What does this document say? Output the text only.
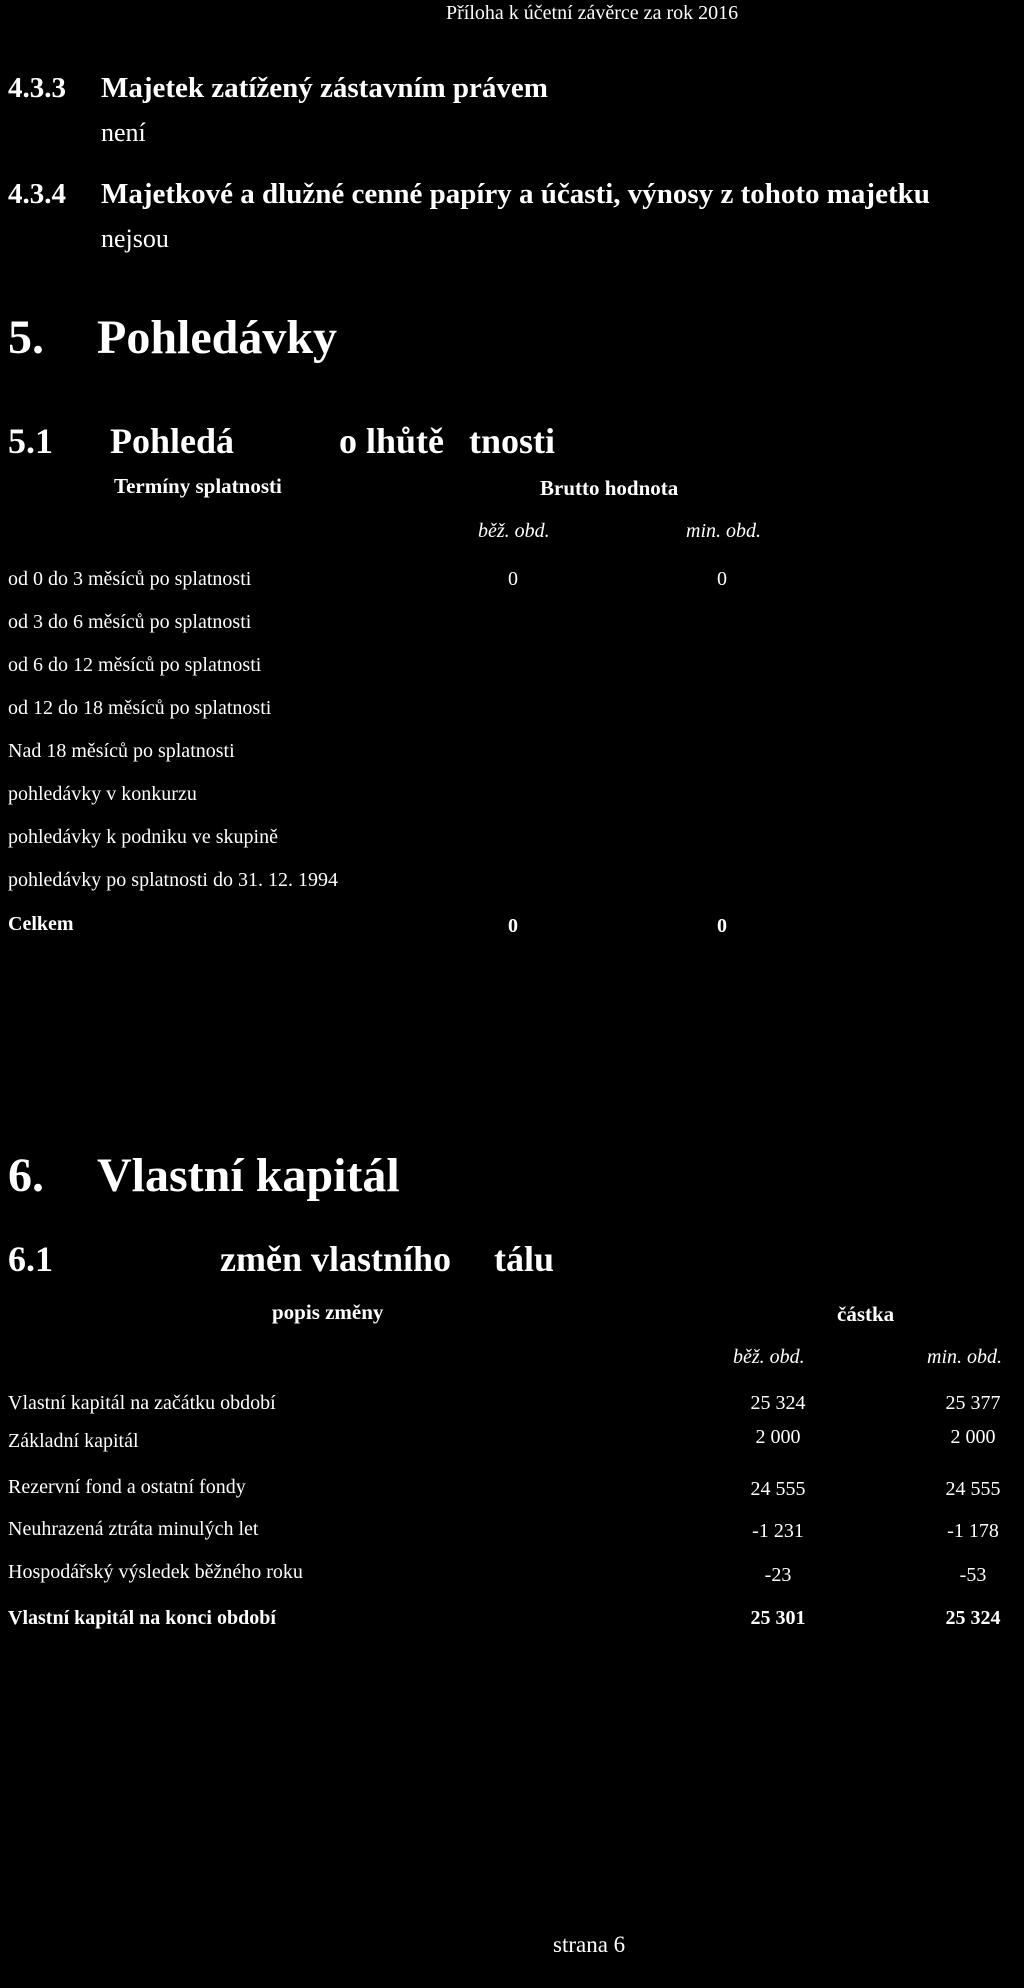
Příloha k účetní závěrce za rok 2016
4.3.3 Majetek zatížený zástavním právem
není
4.3.4 Majetkové a dlužné cenné papíry a účasti, výnosy z tohoto majetku
nejsou
5. Pohledávky
5.1 Pohledá	o lhůtě tnosti
Termíny splatnosti	Brutto hodnota
běž. obd.	min. obd.
od 0 do 3 měsíců po splatnosti	0	0
od 3 do 6 měsíců po splatnosti
od 6 do 12 měsíců po splatnosti
od 12 do 18 měsíců po splatnosti
Nad 18 měsíců po splatnosti
pohledávky v konkurzu
pohledávky k podniku ve skupině
pohledávky po splatnosti do 31. 12. 1994
Celkem	0	0
6. Vlastní kapitál
6.1	změn vlastního tálu
popis změny	částka
běž. obd.	min. obd.
Vlastní kapitál na začátku období	25 324	25 377
Základní kapitál	2 000	2 000
Rezervní fond a ostatní fondy	24 555	24 555
Neuhrazená ztráta minulých let	-1 231	-1 178
Hospodářský výsledek běžného roku	-23	-53
Vlastní kapitál na konci období	25 301	25 324
strana 6
